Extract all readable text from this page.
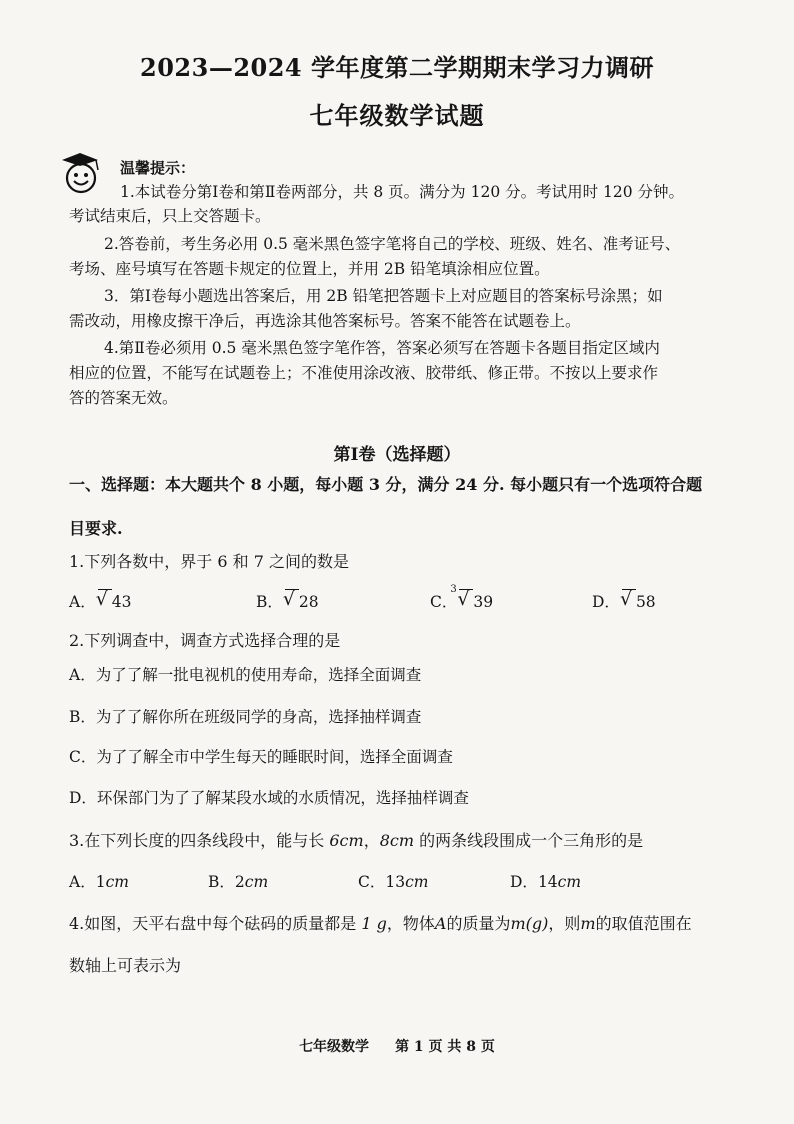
2023—2024 学年度第二学期期末学习力调研
七年级数学试题
温馨提示：
1.本试卷分第Ⅰ卷和第Ⅱ卷两部分，共 8 页。满分为 120 分。考试用时 120 分钟。
考试结束后，只上交答题卡。
2.答卷前，考生务必用 0.5 毫米黑色签字笔将自己的学校、班级、姓名、准考证号、
考场、座号填写在答题卡规定的位置上，并用 2B 铅笔填涂相应位置。
3．第Ⅰ卷每小题选出答案后，用 2B 铅笔把答题卡上对应题目的答案标号涂黑；如
需改动，用橡皮擦干净后，再选涂其他答案标号。答案不能答在试题卷上。
4.第Ⅱ卷必须用 0.5 毫米黑色签字笔作答，答案必须写在答题卡各题目指定区域内
相应的位置，不能写在试题卷上；不准使用涂改液、胶带纸、修正带。不按以上要求作
答的答案无效。
第Ⅰ卷（选择题）
一、选择题：本大题共个 8 小题，每小题 3 分，满分 24 分. 每小题只有一个选项符合题
目要求.
1.下列各数中，界于 6 和 7 之间的数是
A． √ 43	B． √ 28	C．
3 √ 39	D． √ 58
2.下列调查中，调查方式选择合理的是
A．为了了解一批电视机的使用寿命，选择全面调查
B．为了了解你所在班级同学的身高，选择抽样调查
C．为了了解全市中学生每天的睡眠时间，选择全面调查
D．环保部门为了了解某段水域的水质情况，选择抽样调查
3.在下列长度的四条线段中，能与长 6cm，8cm 的两条线段围成一个三角形的是
A．1cm	B．2cm	C．13cm	D．14cm
4.如图，天平右盘中每个砝码的质量都是 1 g，物体A的质量为m(g)，则m的取值范围在
数轴上可表示为
七年级数学 第 1 页 共 8 页
